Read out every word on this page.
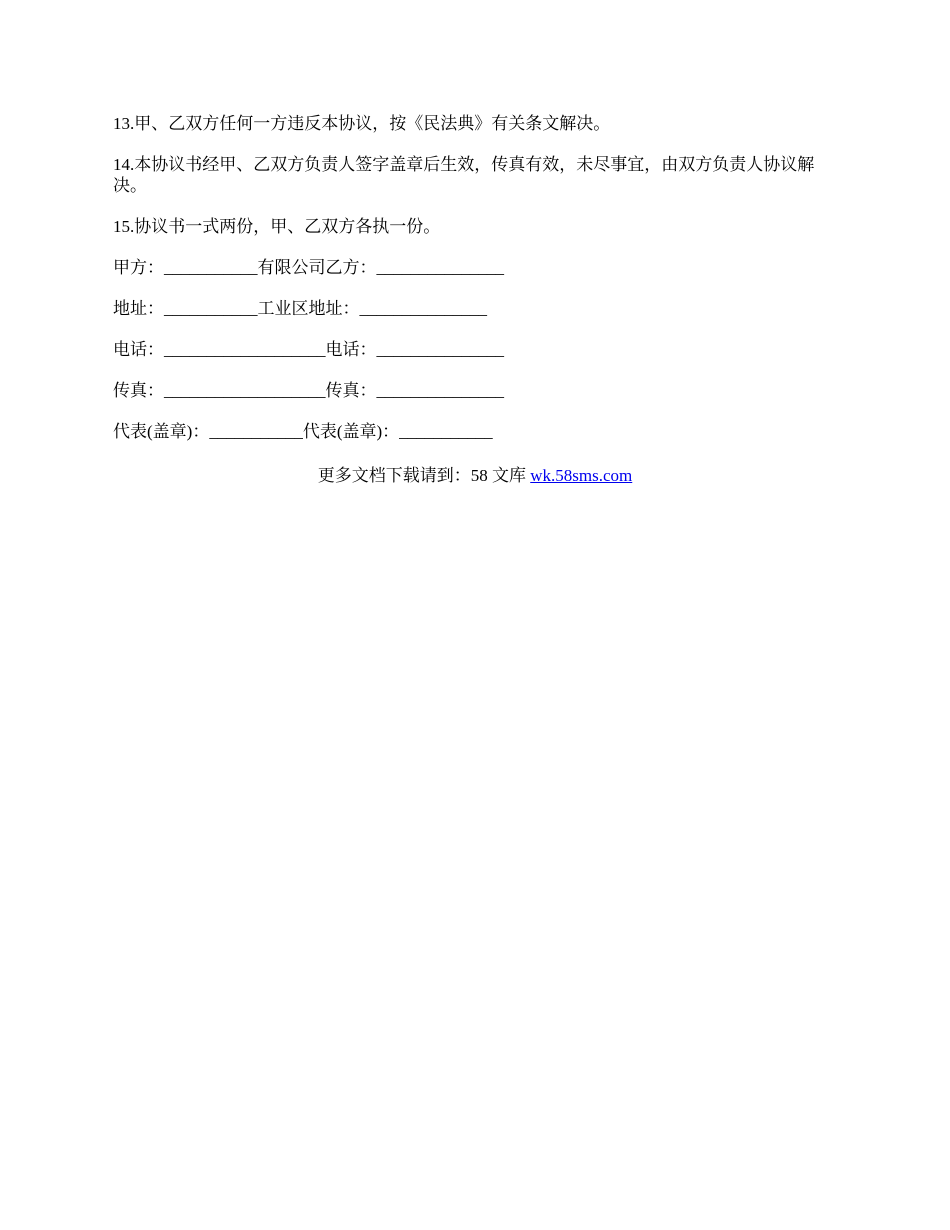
13.甲、乙双方任何一方违反本协议，按《民法典》有关条文解决。

14.本协议书经甲、乙双方负责人签字盖章后生效，传真有效，未尽事宜，由双方负责人协议解决。

15.协议书一式两份，甲、乙双方各执一份。

甲方：___________有限公司乙方：_______________
地址：___________工业区地址：_______________
电话：___________________电话：_______________
传真：___________________传真：_______________
代表(盖章)：___________代表(盖章)：___________
更多文档下载请到：58 文库 wk.58sms.com
